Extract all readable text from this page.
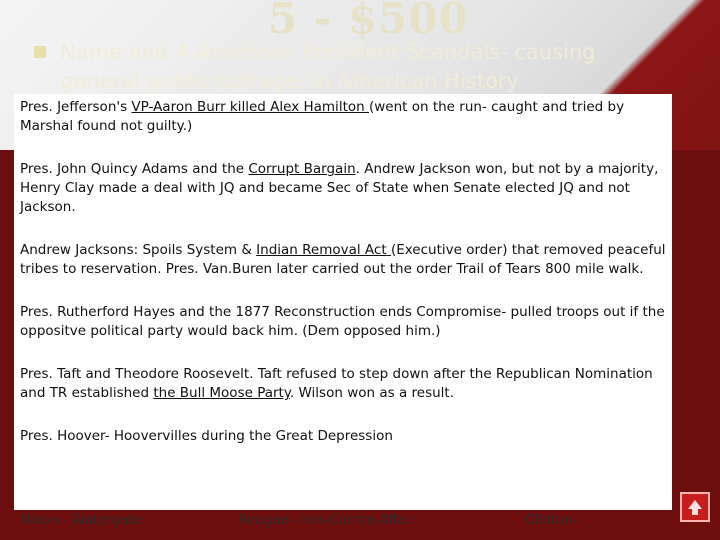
5 - $500

Name and 4 American President Scandals- causing
general public outrage, in American History

Pres. Jefferson's VP-Aaron Burr killed Alex Hamilton (went on the run- caught and tried by Marshal found not guilty.)

Pres. John Quincy Adams and the Corrupt Bargain. Andrew Jackson won, but not by a majority, Henry Clay made a deal with JQ and became Sec of State when Senate elected JQ and not Jackson.

Andrew Jacksons: Spoils System & Indian Removal Act (Executive order) that removed peaceful tribes to reservation. Pres. Van.Buren later carried out the order Trail of Tears 800 mile walk.

Pres. Rutherford Hayes and the 1877 Reconstruction ends Compromise- pulled troops out if the oppositve political party would back him. (Dem opposed him.)

Pres. Taft and Theodore Roosevelt. Taft refused to step down after the Republican Nomination and TR established the Bull Moose Party. Wilson won as a result.

Pres. Hoover- Hoovervilles during the Great Depression

Nixon - Watergate	Reagan- Iran-Contra Affair	Clinton-
